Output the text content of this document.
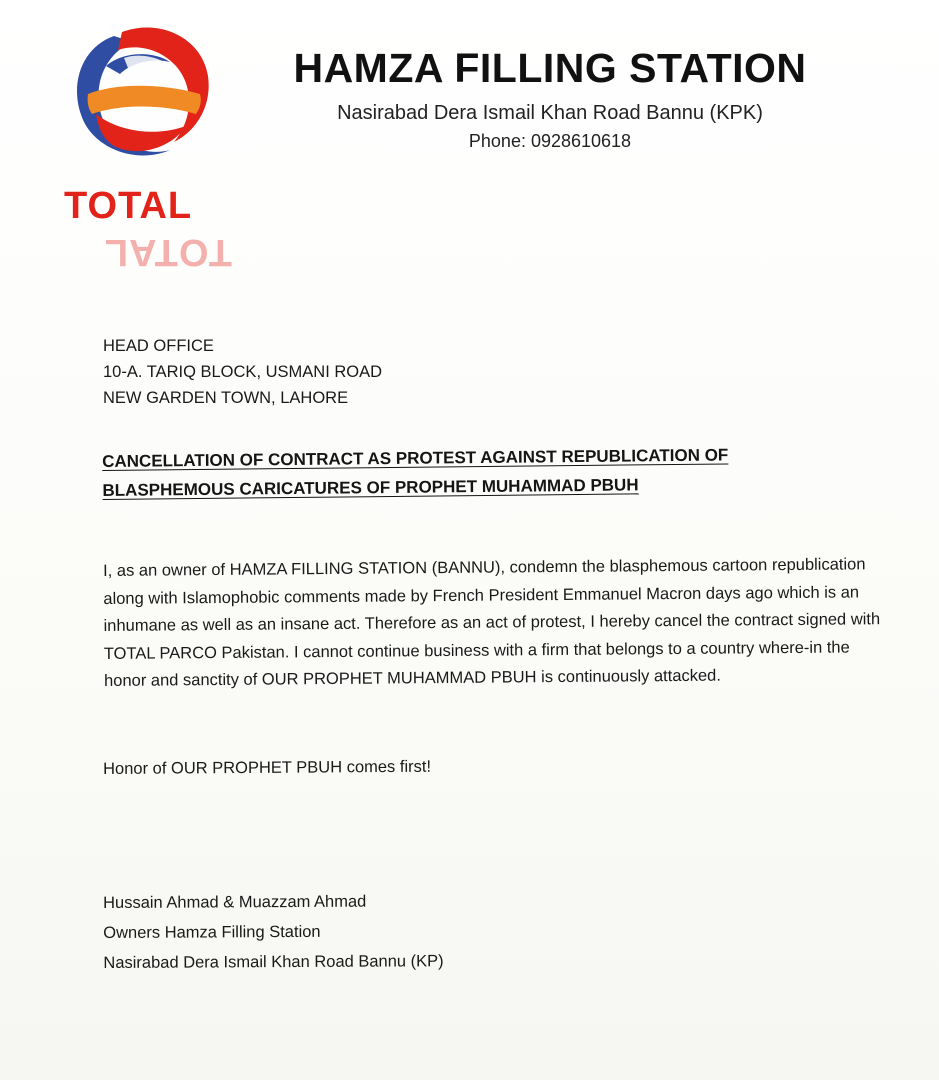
TOTAL
TOTAL
HAMZA FILLING STATION
Nasirabad Dera Ismail Khan Road Bannu (KPK)
Phone: 0928610618
HEAD OFFICE
10-A. TARIQ BLOCK, USMANI ROAD
NEW GARDEN TOWN, LAHORE
CANCELLATION OF CONTRACT AS PROTEST AGAINST REPUBLICATION OF
BLASPHEMOUS CARICATURES OF PROPHET MUHAMMAD PBUH
I, as an owner of HAMZA FILLING STATION (BANNU), condemn the blasphemous cartoon republication along with Islamophobic comments made by French President Emmanuel Macron days ago which is an inhumane as well as an insane act. Therefore as an act of protest, I hereby cancel the contract signed with TOTAL PARCO Pakistan. I cannot continue business with a firm that belongs to a country where-in the honor and sanctity of OUR PROPHET MUHAMMAD PBUH is continuously attacked.
Honor of OUR PROPHET PBUH comes first!
Hussain Ahmad & Muazzam Ahmad
Owners Hamza Filling Station
Nasirabad Dera Ismail Khan Road Bannu (KP)
